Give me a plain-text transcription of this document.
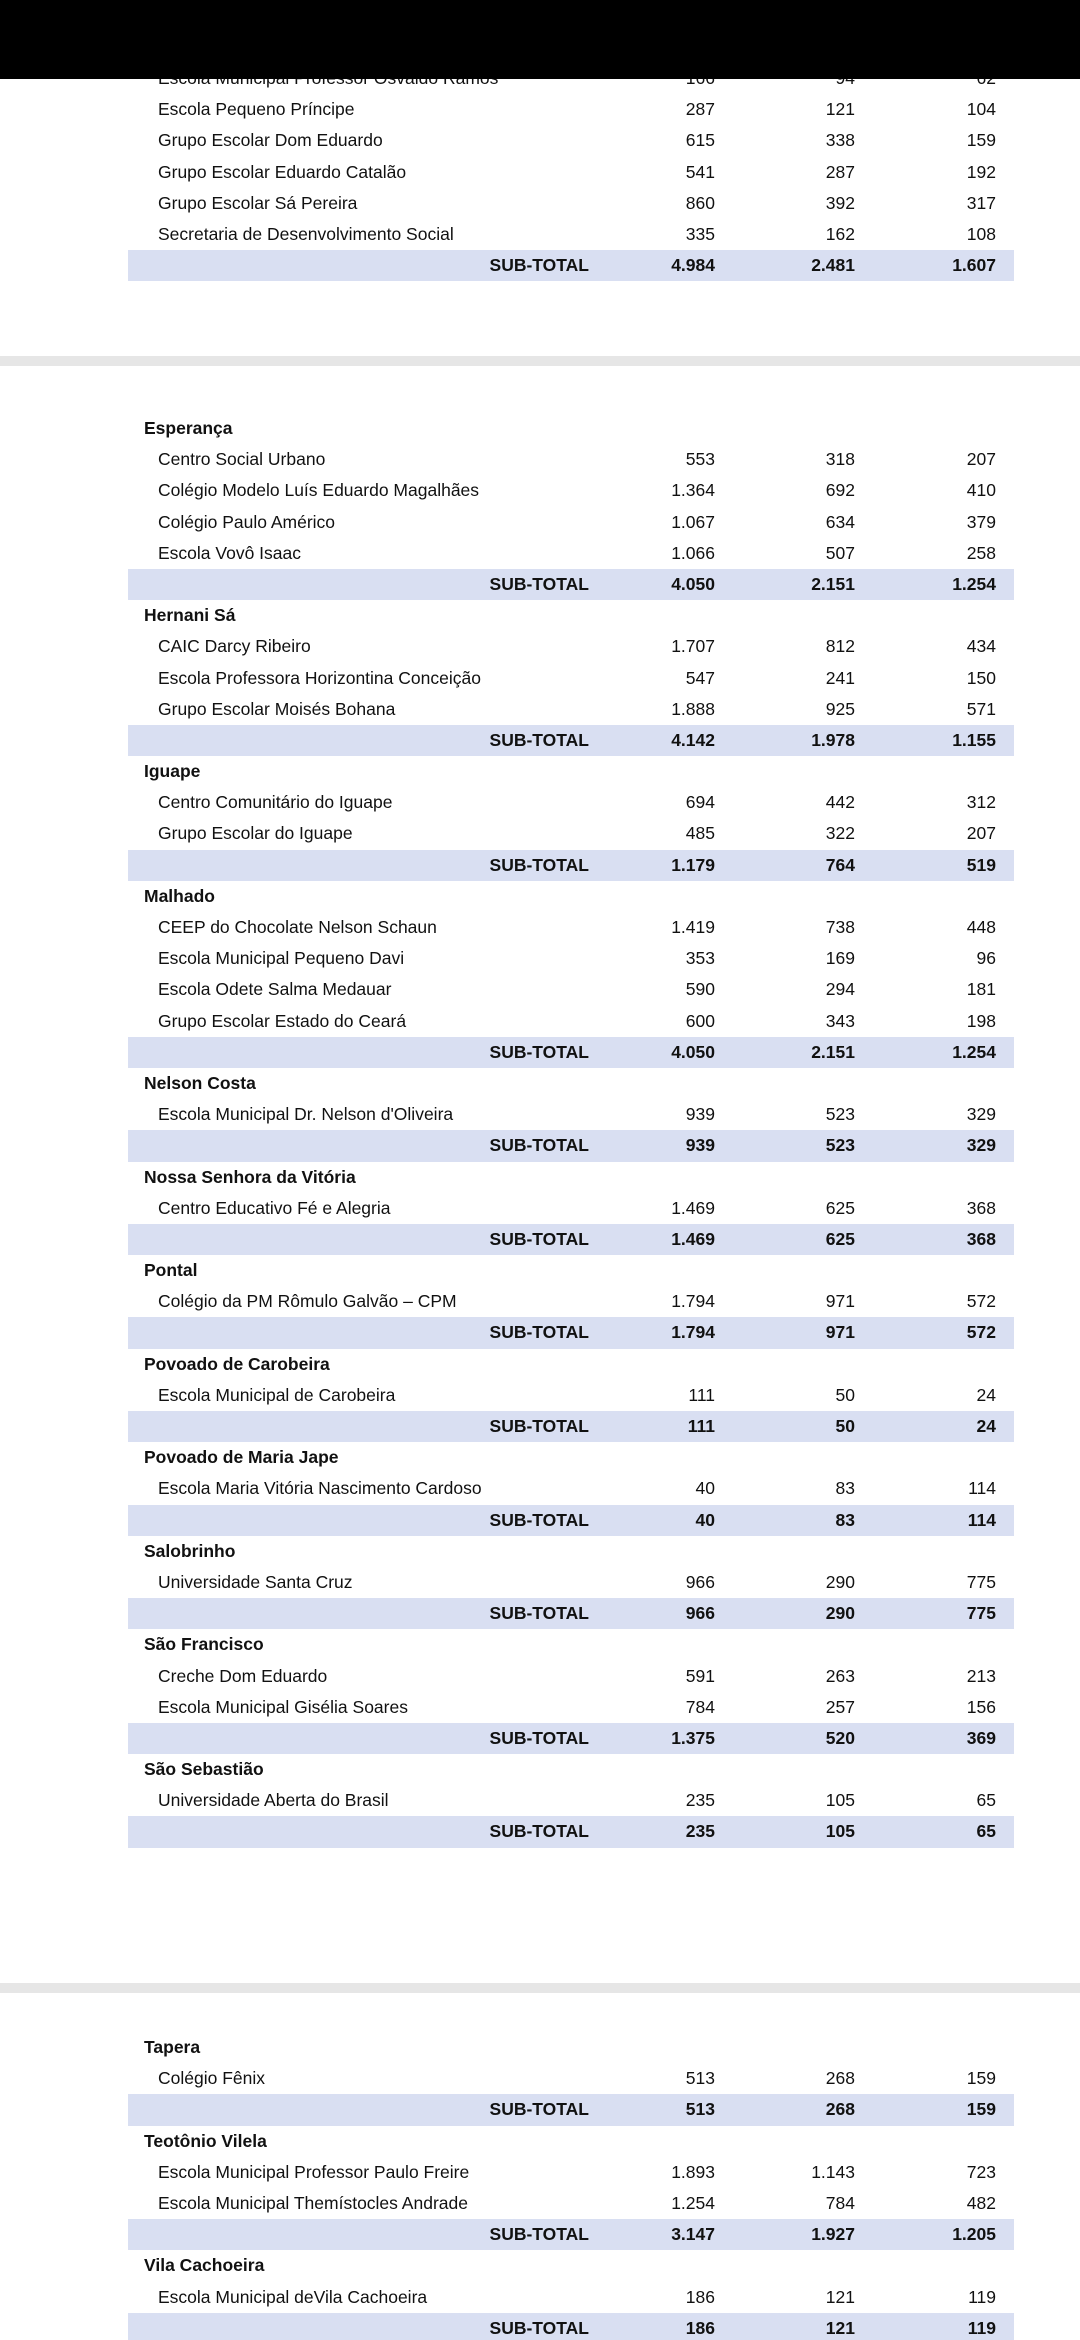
Escola Pequeno Príncipe	287	121	104
Grupo Escolar Dom Eduardo	615	338	159
Grupo Escolar Eduardo Catalão	541	287	192
Grupo Escolar Sá Pereira	860	392	317
Secretaria de Desenvolvimento Social	335	162	108
SUB-TOTAL	4.984	2.481	1.607
Esperança
Centro Social Urbano	553	318	207
Colégio Modelo Luís Eduardo Magalhães	1.364	692	410
Colégio Paulo Américo	1.067	634	379
Escola Vovô Isaac	1.066	507	258
SUB-TOTAL	4.050	2.151	1.254
Hernani Sá
CAIC Darcy Ribeiro	1.707	812	434
Escola Professora Horizontina Conceição	547	241	150
Grupo Escolar Moisés Bohana	1.888	925	571
SUB-TOTAL	4.142	1.978	1.155
Iguape
Centro Comunitário do Iguape	694	442	312
Grupo Escolar do Iguape	485	322	207
SUB-TOTAL	1.179	764	519
Malhado
CEEP do Chocolate Nelson Schaun	1.419	738	448
Escola Municipal Pequeno Davi	353	169	96
Escola Odete Salma Medauar	590	294	181
Grupo Escolar Estado do Ceará	600	343	198
SUB-TOTAL	4.050	2.151	1.254
Nelson Costa
Escola Municipal Dr. Nelson d'Oliveira	939	523	329
SUB-TOTAL	939	523	329
Nossa Senhora da Vitória
Centro Educativo Fé e Alegria	1.469	625	368
SUB-TOTAL	1.469	625	368
Pontal
Colégio da PM Rômulo Galvão – CPM	1.794	971	572
SUB-TOTAL	1.794	971	572
Povoado de Carobeira
Escola Municipal de Carobeira	111	50	24
SUB-TOTAL	111	50	24
Povoado de Maria Jape
Escola Maria Vitória Nascimento Cardoso	40	83	114
SUB-TOTAL	40	83	114
Salobrinho
Universidade Santa Cruz	966	290	775
SUB-TOTAL	966	290	775
São Francisco
Creche Dom Eduardo	591	263	213
Escola Municipal Gisélia Soares	784	257	156
SUB-TOTAL	1.375	520	369
São Sebastião
Universidade Aberta do Brasil	235	105	65
SUB-TOTAL	235	105	65
Tapera
Colégio Fênix	513	268	159
SUB-TOTAL	513	268	159
Teotônio Vilela
Escola Municipal Professor Paulo Freire	1.893	1.143	723
Escola Municipal Themístocles Andrade	1.254	784	482
SUB-TOTAL	3.147	1.927	1.205
Vila Cachoeira
Escola Municipal deVila Cachoeira	186	121	119
SUB-TOTAL	186	121	119
